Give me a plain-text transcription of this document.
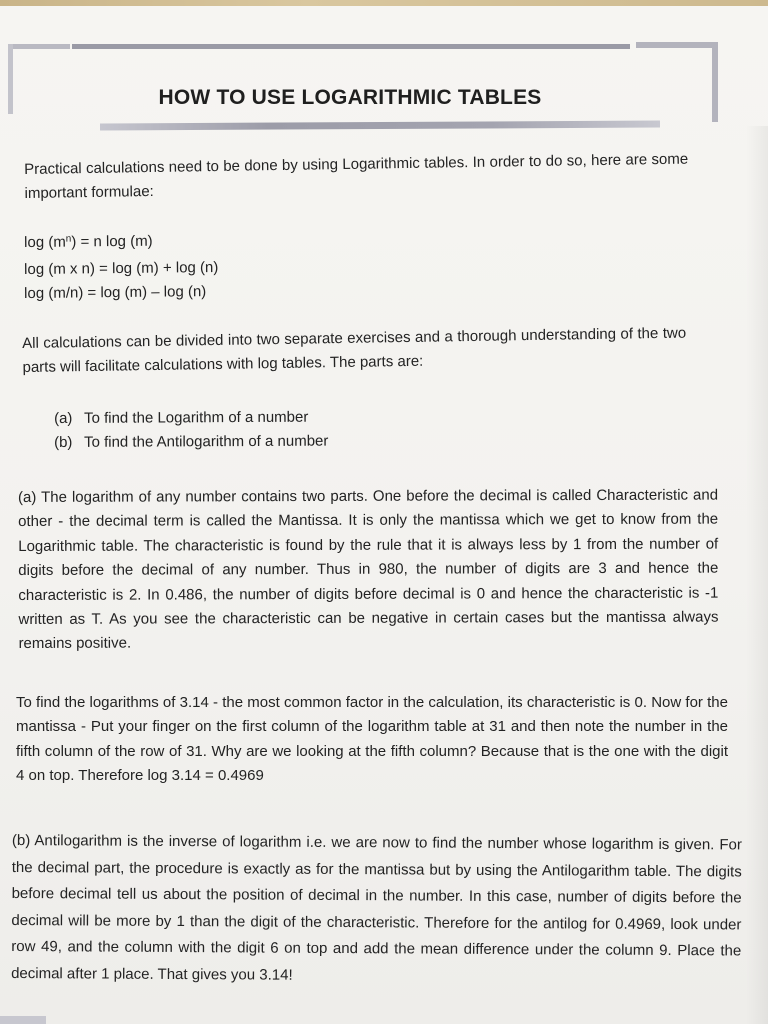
HOW TO USE LOGARITHMIC TABLES
Practical calculations need to be done by using Logarithmic tables. In order to do so, here are some important formulae:
$\log (m^n) = n$ log (m)
log (m x n) = log (m) + log (n)
log (m/n) = log (m) – log (n)
All calculations can be divided into two separate exercises and a thorough understanding of the two parts will facilitate calculations with log tables. The parts are:
(a) To find the Logarithm of a number
(b) To find the Antilogarithm of a number
(a) The logarithm of any number contains two parts. One before the decimal is called Characteristic and other - the decimal term is called the Mantissa. It is only the mantissa which we get to know from the Logarithmic table. The characteristic is found by the rule that it is always less by 1 from the number of digits before the decimal of any number. Thus in 980, the number of digits are 3 and hence the characteristic is 2. In 0.486, the number of digits before decimal is 0 and hence the characteristic is -1 written as T. As you see the characteristic can be negative in certain cases but the mantissa always remains positive.
To find the logarithms of 3.14 - the most common factor in the calculation, its characteristic is 0. Now for the mantissa - Put your finger on the first column of the logarithm table at 31 and then note the number in the fifth column of the row of 31. Why are we looking at the fifth column? Because that is the one with the digit 4 on top. Therefore log 3.14 = 0.4969
(b) Antilogarithm is the inverse of logarithm i.e. we are now to find the number whose logarithm is given. For the decimal part, the procedure is exactly as for the mantissa but by using the Antilogarithm table. The digits before decimal tell us about the position of decimal in the number. In this case, number of digits before the decimal will be more by 1 than the digit of the characteristic. Therefore for the antilog for 0.4969, look under row 49, and the column with the digit 6 on top and add the mean difference under the column 9. Place the decimal after 1 place. That gives you 3.14!
